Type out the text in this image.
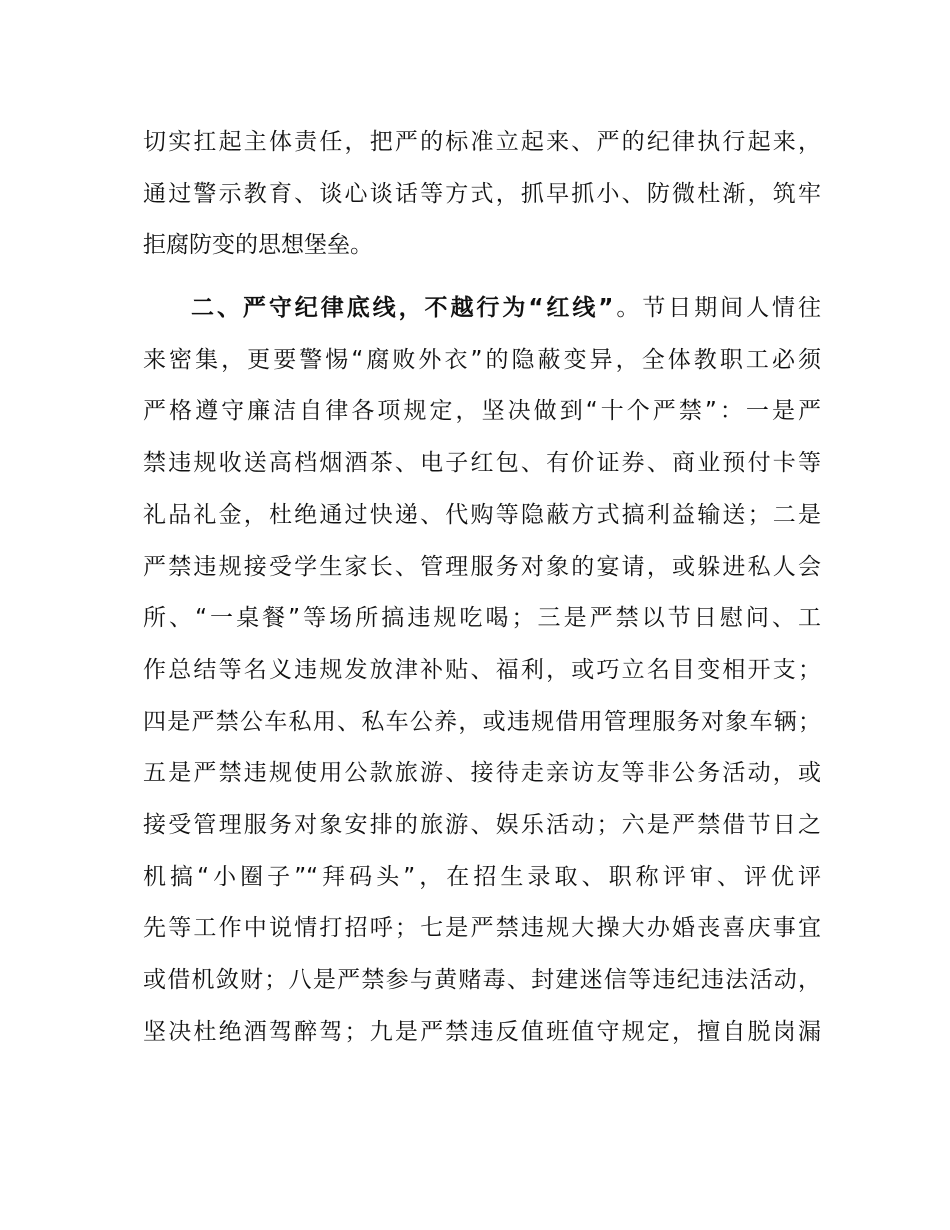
切实扛起主体责任，把严的标准立起来、严的纪律执行起来，
通过警示教育、谈心谈话等方式，抓早抓小、防微杜渐，筑牢
拒腐防变的思想堡垒。
二、严守纪律底线，不越行为“红线”。节日期间人情往
来密集，更要警惕“腐败外衣”的隐蔽变异，全体教职工必须
严格遵守廉洁自律各项规定，坚决做到“十个严禁”：一是严
禁违规收送高档烟酒茶、电子红包、有价证券、商业预付卡等
礼品礼金，杜绝通过快递、代购等隐蔽方式搞利益输送；二是
严禁违规接受学生家长、管理服务对象的宴请，或躲进私人会
所、“一桌餐”等场所搞违规吃喝；三是严禁以节日慰问、工
作总结等名义违规发放津补贴、福利，或巧立名目变相开支；
四是严禁公车私用、私车公养，或违规借用管理服务对象车辆；
五是严禁违规使用公款旅游、接待走亲访友等非公务活动，或
接受管理服务对象安排的旅游、娱乐活动；六是严禁借节日之
机搞“小圈子”“拜码头”，在招生录取、职称评审、评优评
先等工作中说情打招呼；七是严禁违规大操大办婚丧喜庆事宜
或借机敛财；八是严禁参与黄赌毒、封建迷信等违纪违法活动，
坚决杜绝酒驾醉驾；九是严禁违反值班值守规定，擅自脱岗漏
